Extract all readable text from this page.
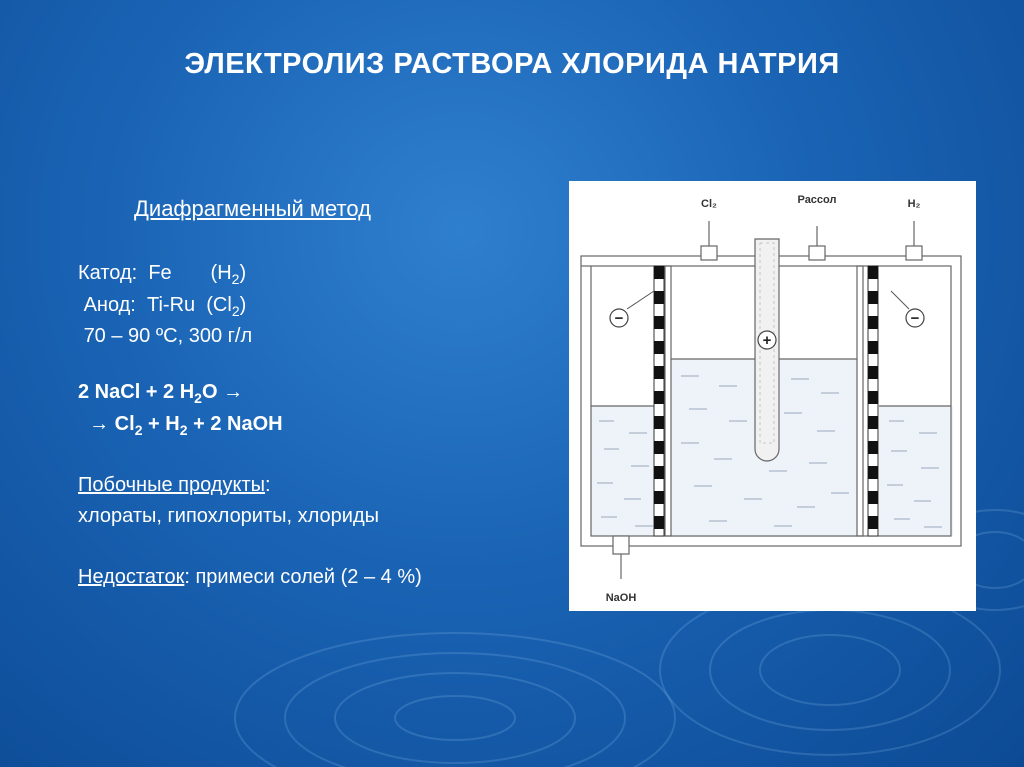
ЭЛЕКТРОЛИЗ РАСТВОРА ХЛОРИДА НАТРИЯ
Диафрагменный метод
Катод: Fe       $(H_2)$
Анод: Ti-Ru  $(Cl_2)$
70 – 90 ºС, 300 г/л
2 NaCl + 2 $H_2O$ →
→ $Cl_2 + H_2 + 2$ NaOH
Побочные продукты:
хлораты, гипохлориты, хлориды
Недостаток: примеси солей (2 – 4 %)
−
+
−
Cl₂	Рассол	H₂
NaOH
